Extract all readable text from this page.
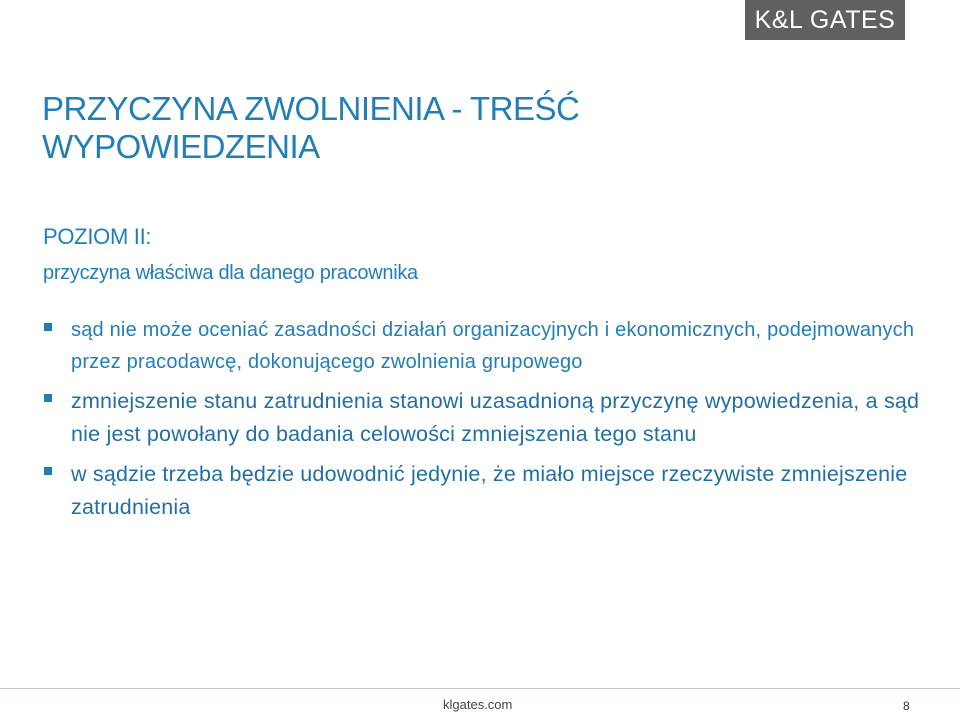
K&L GATES
PRZYCZYNA ZWOLNIENIA - TREŚĆ WYPOWIEDZENIA
POZIOM II:
przyczyna właściwa dla danego pracownika
sąd nie może oceniać zasadności działań organizacyjnych i ekonomicznych, podejmowanych przez pracodawcę, dokonującego zwolnienia grupowego
zmniejszenie stanu zatrudnienia stanowi uzasadnioną przyczynę wypowiedzenia, a sąd nie jest powołany do badania celowości zmniejszenia tego stanu
w sądzie trzeba będzie udowodnić jedynie, że miało miejsce rzeczywiste zmniejszenie zatrudnienia
klgates.com	8
